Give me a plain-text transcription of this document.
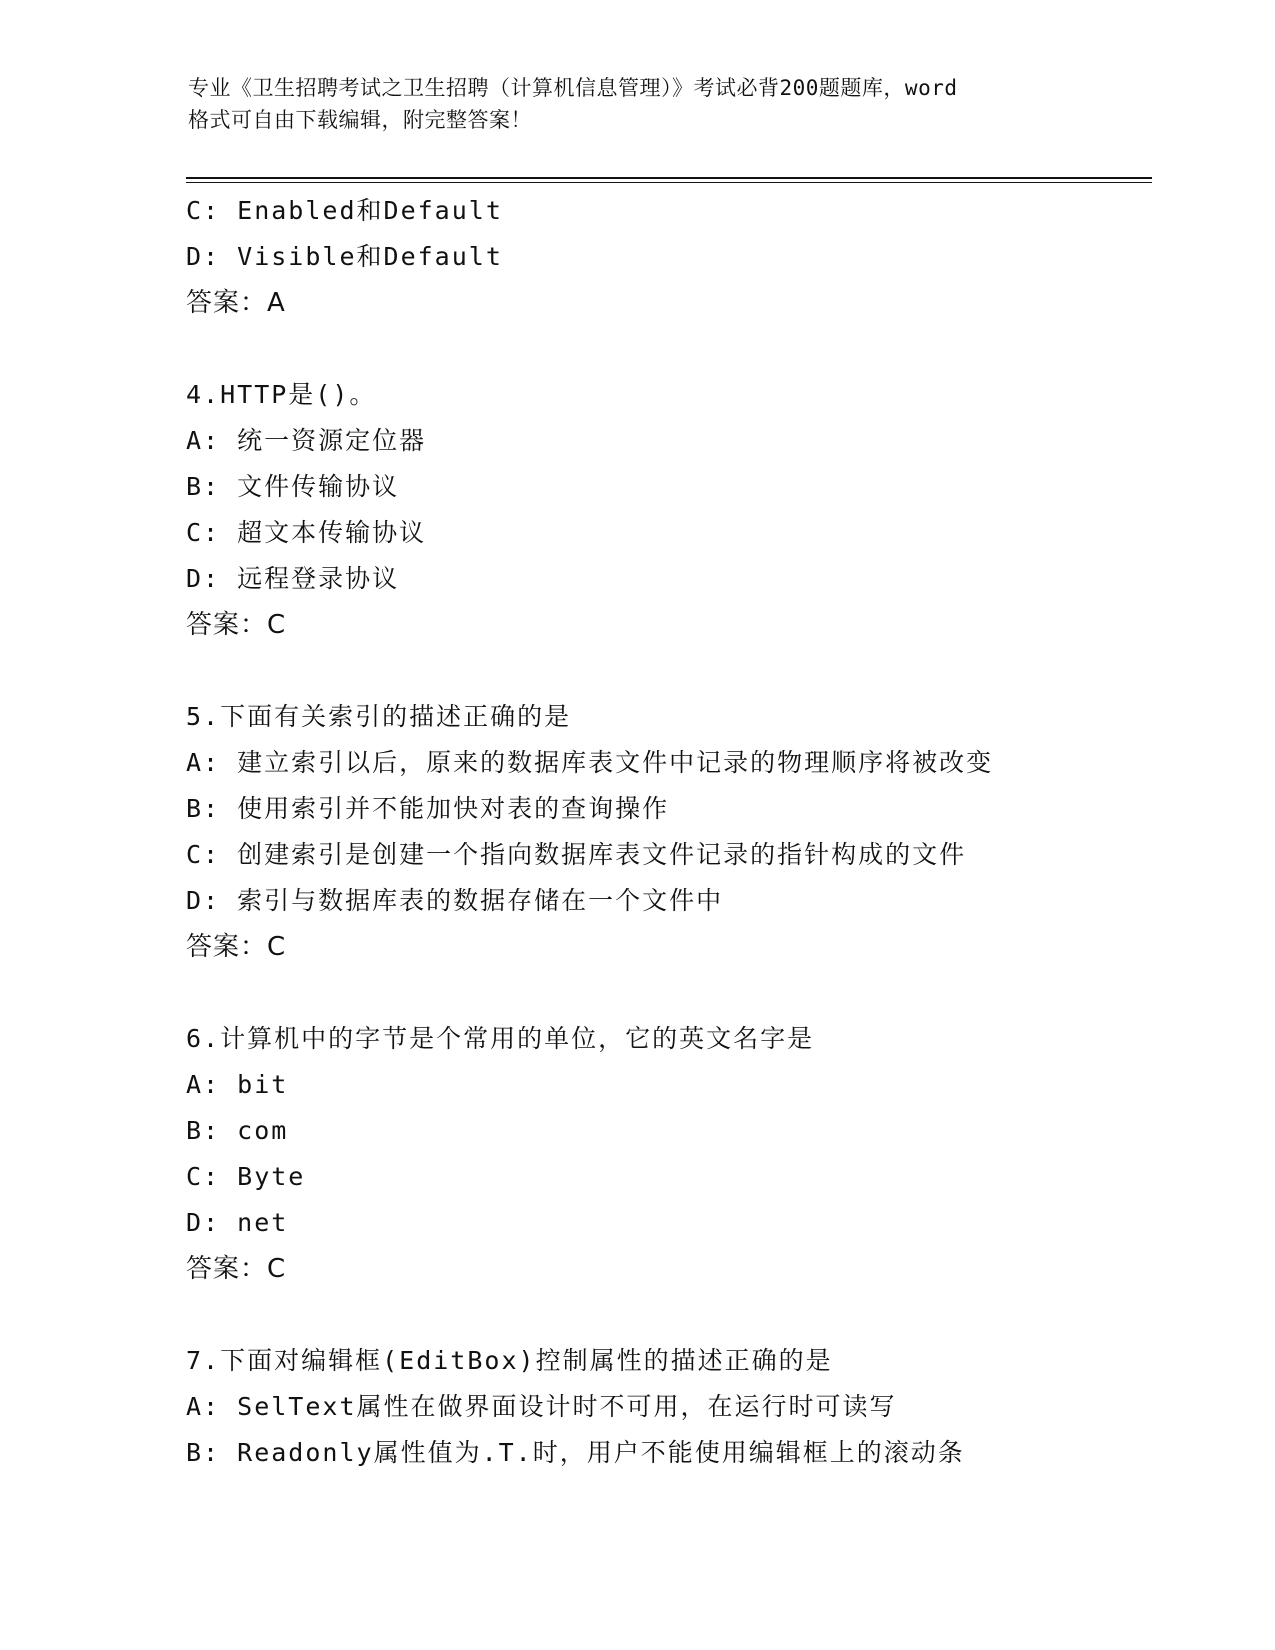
专业《卫生招聘考试之卫生招聘（计算机信息管理）》考试必背200题题库，word
格式可自由下载编辑，附完整答案！
C: Enabled和Default
D: Visible和Default
答案：A
4.HTTP是()。
A: 统一资源定位器
B: 文件传输协议
C: 超文本传输协议
D: 远程登录协议
答案：C
5.下面有关索引的描述正确的是
A: 建立索引以后，原来的数据库表文件中记录的物理顺序将被改变
B: 使用索引并不能加快对表的查询操作
C: 创建索引是创建一个指向数据库表文件记录的指针构成的文件
D: 索引与数据库表的数据存储在一个文件中
答案：C
6.计算机中的字节是个常用的单位，它的英文名字是
A: bit
B: com
C: Byte
D: net
答案：C
7.下面对编辑框(EditBox)控制属性的描述正确的是
A: SelText属性在做界面设计时不可用，在运行时可读写
B: Readonly属性值为.T.时，用户不能使用编辑框上的滚动条
